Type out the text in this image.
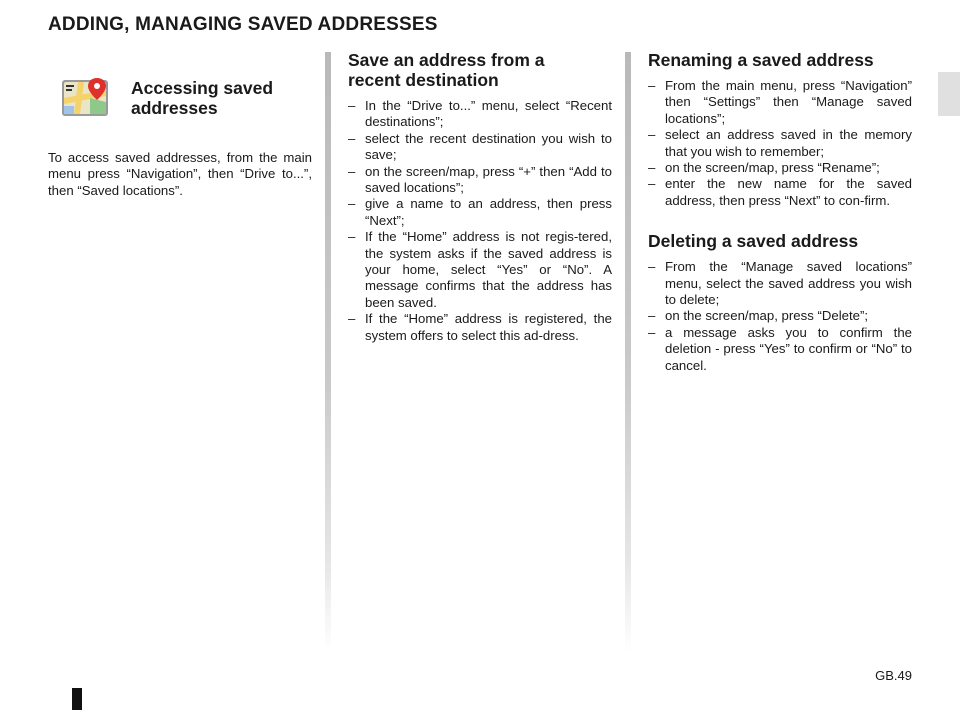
ADDING, MANAGING SAVED ADDRESSES
Accessing saved
addresses

To access saved addresses, from the main menu press “Navigation”, then “Drive to...”, then “Saved locations”.

Save an address from a
recent destination
– In the “Drive to...” menu, select “Recent destinations”;
– select the recent destination you wish to save;
– on the screen/map, press “+” then “Add to saved locations”;
– give a name to an address, then press “Next”;
– If the “Home” address is not regis-tered, the system asks if the saved address is your home, select “Yes” or “No”. A message confirms that the address has been saved.
– If the “Home” address is registered, the system offers to select this ad-dress.
Renaming a saved address
– From the main menu, press “Navigation” then “Settings” then “Manage saved locations”;
– select an address saved in the memory that you wish to remember;
– on the screen/map, press “Rename”;
– enter the new name for the saved address, then press “Next” to con-firm.
Deleting a saved address
– From the “Manage saved locations” menu, select the saved address you wish to delete;
– on the screen/map, press “Delete”;
– a message asks you to confirm the deletion - press “Yes” to confirm or “No” to cancel.
GB.49
